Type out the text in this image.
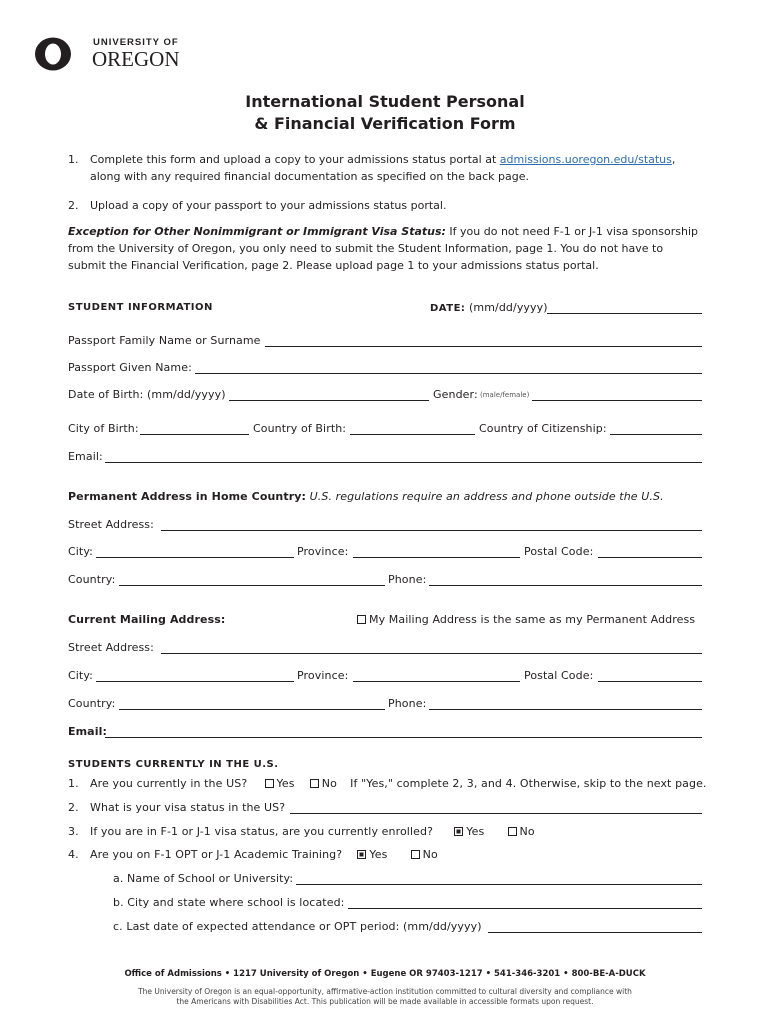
UNIVERSITY OF
OREGON
International Student Personal
& Financial Verification Form
1. Complete this form and upload a copy to your admissions status portal at admissions.uoregon.edu/status,
along with any required financial documentation as specified on the back page.
2. Upload a copy of your passport to your admissions status portal.
Exception for Other Nonimmigrant or Immigrant Visa Status: If you do not need F-1 or J-1 visa sponsorship
from the University of Oregon, you only need to submit the Student Information, page 1. You do not have to
submit the Financial Verification, page 2. Please upload page 1 to your admissions status portal.
STUDENT INFORMATION	DATE: (mm/dd/yyyy)
Passport Family Name or Surname
Passport Given Name:
Date of Birth: (mm/dd/yyyy)	Gender: (male/female)
City of Birth:	Country of Birth:	Country of Citizenship:
Email:
Permanent Address in Home Country: U.S. regulations require an address and phone outside the U.S.
Street Address:
City:	Province:	Postal Code:
Country:	Phone:
Current Mailing Address:	My Mailing Address is the same as my Permanent Address
Street Address:
City:	Province:	Postal Code:
Country:	Phone:
Email:
STUDENTS CURRENTLY IN THE U.S.
1. Are you currently in the US?	Yes No If "Yes," complete 2, 3, and 4. Otherwise, skip to the next page.
2. What is your visa status in the US?
3. If you are in F-1 or J-1 visa status, are you currently enrolled?	Yes	No
4. Are you on F-1 OPT or J-1 Academic Training? Yes	No
a. Name of School or University:
b. City and state where school is located:
c. Last date of expected attendance or OPT period: (mm/dd/yyyy)
Office of Admissions • 1217 University of Oregon • Eugene OR 97403-1217 • 541-346-3201 • 800-BE-A-DUCK
The University of Oregon is an equal-opportunity, affirmative-action institution committed to cultural diversity and compliance with
the Americans with Disabilities Act. This publication will be made available in accessible formats upon request.
